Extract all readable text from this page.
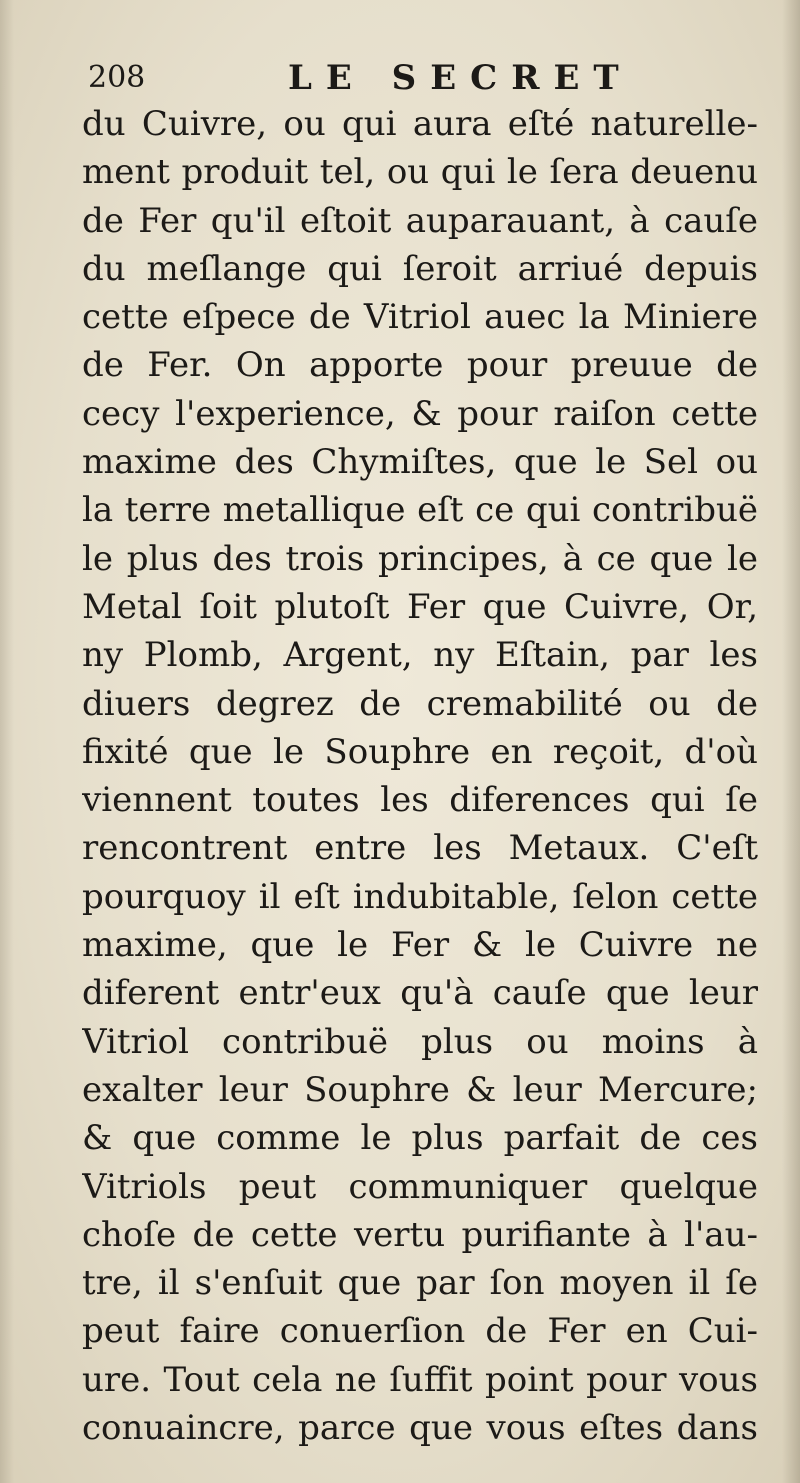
208	LE SECRET
du Cuivre, ou qui aura eſté naturelle-
ment produit tel, ou qui le ſera deuenu
de Fer qu'il eſtoit auparauant, à cauſe
du meſlange qui ſeroit arriué depuis
cette eſpece de Vitriol auec la Miniere
de Fer. On apporte pour preuue de
cecy l'experience, & pour raiſon cette
maxime des Chymiſtes, que le Sel ou
la terre metallique eſt ce qui contribuë
le plus des trois principes, à ce que le
Metal ſoit plutoſt Fer que Cuivre, Or,
ny Plomb, Argent, ny Eſtain, par les
diuers degrez de cremabilité ou de
fixité que le Souphre en reçoit, d'où
viennent toutes les diferences qui ſe
rencontrent entre les Metaux. C'eſt
pourquoy il eſt indubitable, ſelon cette
maxime, que le Fer & le Cuivre ne
diferent entr'eux qu'à cauſe que leur
Vitriol contribuë plus ou moins à
exalter leur Souphre & leur Mercure;
& que comme le plus parfait de ces
Vitriols peut communiquer quelque
choſe de cette vertu purifiante à l'au-
tre, il s'enſuit que par ſon moyen il ſe
peut faire conuerſion de Fer en Cui-
ure. Tout cela ne ſuffit point pour vous
conuaincre, parce que vous eſtes dans
